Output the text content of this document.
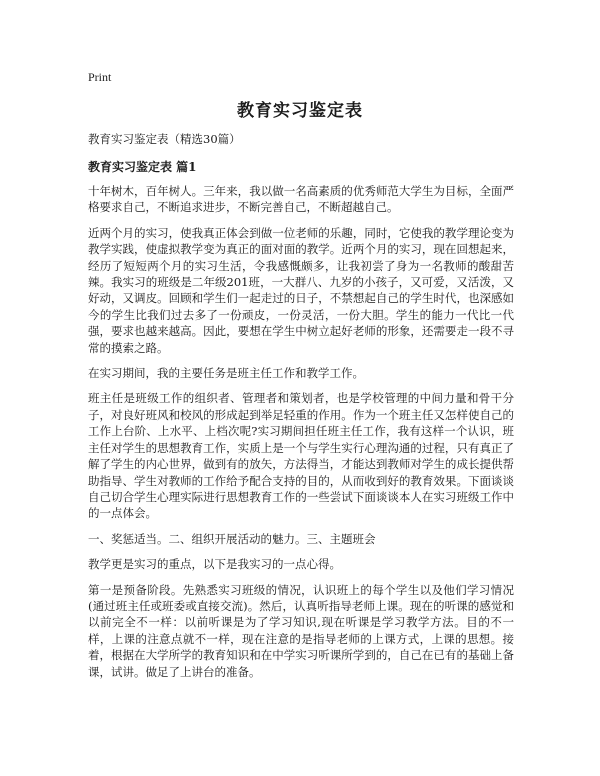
Print
教育实习鉴定表
教育实习鉴定表（精选30篇）
教育实习鉴定表 篇1

十年树木，百年树人。三年来，我以做一名高素质的优秀师范大学生为目标，全面严格要求自己，不断追求进步，不断完善自己，不断超越自己。

近两个月的实习，使我真正体会到做一位老师的乐趣，同时，它使我的教学理论变为教学实践，使虚拟教学变为真正的面对面的教学。近两个月的实习，现在回想起来，经历了短短两个月的实习生活，令我感慨颇多，让我初尝了身为一名教师的酸甜苦辣。我实习的班级是二年级201班，一大群八、九岁的小孩子，又可爱，又活泼，又好动，又调皮。回顾和学生们一起走过的日子，不禁想起自己的学生时代，也深感如今的学生比我们过去多了一份顽皮，一份灵活，一份大胆。学生的能力一代比一代强，要求也越来越高。因此，要想在学生中树立起好老师的形象，还需要走一段不寻常的摸索之路。

在实习期间，我的主要任务是班主任工作和教学工作。

班主任是班级工作的组织者、管理者和策划者，也是学校管理的中间力量和骨干分子，对良好班风和校风的形成起到举足轻重的作用。作为一个班主任又怎样使自己的工作上台阶、上水平、上档次呢?实习期间担任班主任工作，我有这样一个认识，班主任对学生的思想教育工作，实质上是一个与学生实行心理沟通的过程，只有真正了解了学生的内心世界，做到有的放矢，方法得当，才能达到教师对学生的成长提供帮助指导、学生对教师的工作给予配合支持的目的，从而收到好的教育效果。下面谈谈自己切合学生心理实际进行思想教育工作的一些尝试下面谈谈本人在实习班级工作中的一点体会。

一、奖惩适当。二、组织开展活动的魅力。三、主题班会

教学更是实习的重点，以下是我实习的一点心得。

第一是预备阶段。先熟悉实习班级的情况，认识班上的每个学生以及他们学习情况(通过班主任或班委或直接交流)。然后，认真听指导老师上课。现在的听课的感觉和以前完全不一样：以前听课是为了学习知识,现在听课是学习教学方法。目的不一样，上课的注意点就不一样，现在注意的是指导老师的上课方式，上课的思想。接着，根据在大学所学的教育知识和在中学实习听课所学到的，自己在已有的基础上备课，试讲。做足了上讲台的准备。
